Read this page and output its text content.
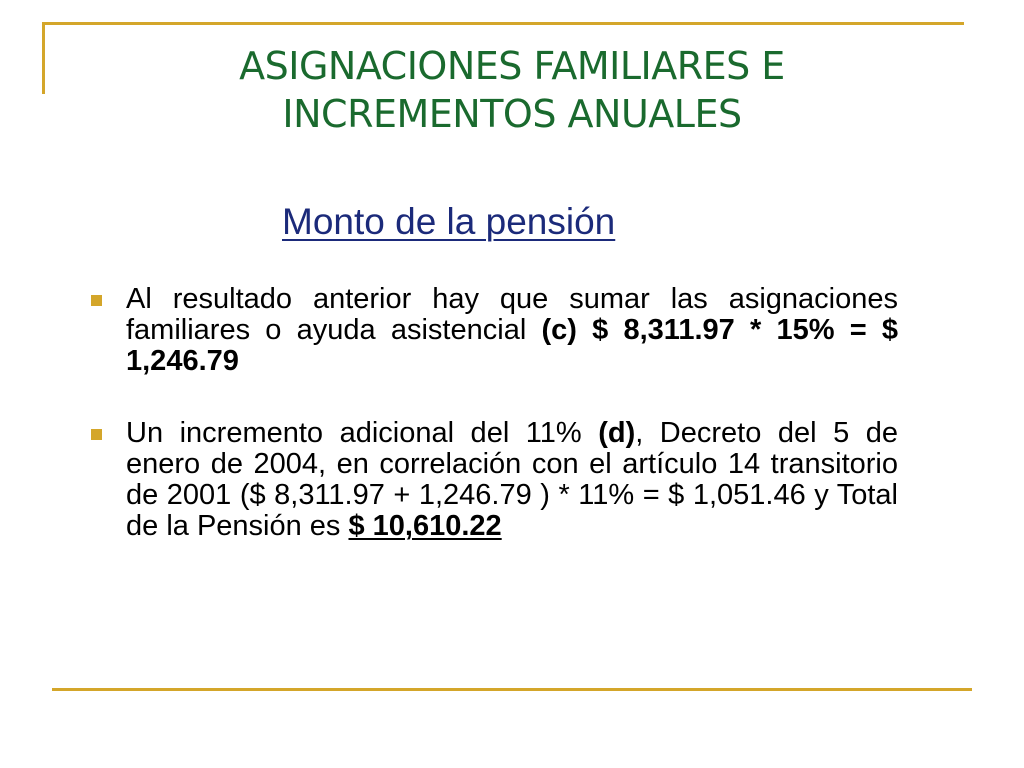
ASIGNACIONES FAMILIARES E
INCREMENTOS ANUALES
Monto de la pensión
Al resultado anterior hay que sumar las asignaciones familiares o ayuda asistencial (c) $ 8,311.97 * 15% = $ 1,246.79
Un incremento adicional del 11% (d), Decreto del 5 de enero de 2004, en correlación con el artículo 14 transitorio de 2001 ($ 8,311.97 + 1,246.79 ) * 11% = $ 1,051.46 y Total de la Pensión es $ 10,610.22
